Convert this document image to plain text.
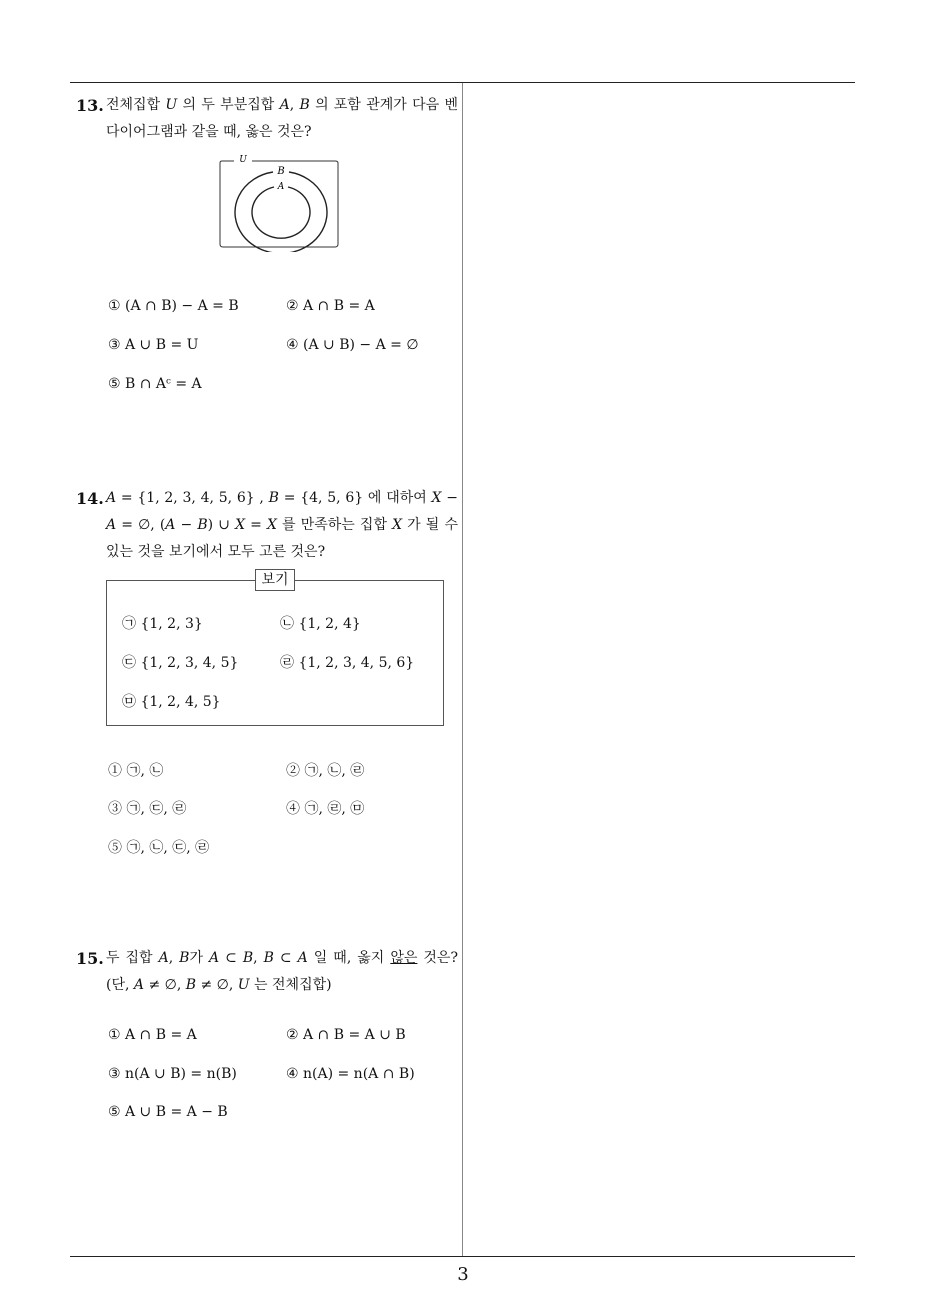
13. 전체집합 U 의 두 부분집합 A, B 의 포함 관계가 다음 벤 다이어그램과 같을 때, 옳은 것은?

U
B
A
① (A ∩ B) − A = B	② A ∩ B = A
③ A ∪ B = U	④ (A ∪ B) − A = ∅
⑤ B ∩ Aᶜ = A

14. A = {1, 2, 3, 4, 5, 6} , B = {4, 5, 6} 에 대하여 X − A = ∅, (A − B) ∪ X = X 를 만족하는 집합 X 가 될 수 있는 것을 보기에서 모두 고른 것은?

보기
㉠ {1, 2, 3}	㉡ {1, 2, 4}
㉢ {1, 2, 3, 4, 5}	㉣ {1, 2, 3, 4, 5, 6}
㉤ {1, 2, 4, 5}
① ㉠, ㉡	② ㉠, ㉡, ㉣
③ ㉠, ㉢, ㉣	④ ㉠, ㉣, ㉤
⑤ ㉠, ㉡, ㉢, ㉣

15. 두 집합 A, B가 A ⊂ B, B ⊂ A 일 때, 옳지 않은 것은? (단, A ≠ ∅, B ≠ ∅, U 는 전체집합)

① A ∩ B = A	② A ∩ B = A ∪ B
③ n(A ∪ B) = n(B)	④ n(A) = n(A ∩ B)
⑤ A ∪ B = A − B
3
